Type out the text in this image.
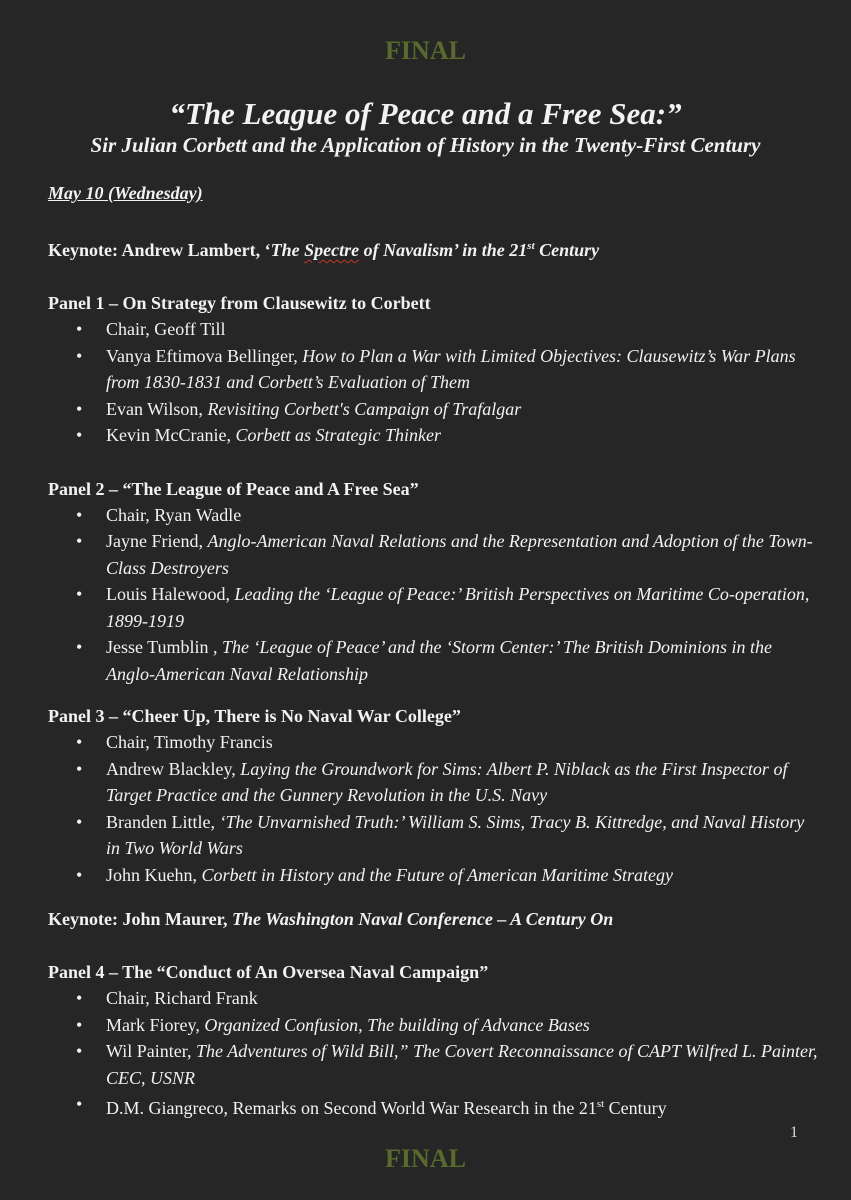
FINAL
“The League of Peace and a Free Sea:”
Sir Julian Corbett and the Application of History in the Twenty-First Century
May 10 (Wednesday)
Keynote: Andrew Lambert, ‘The Spectre of Navalism’ in the 21st Century
Panel 1 – On Strategy from Clausewitz to Corbett
• Chair, Geoff Till
• Vanya Eftimova Bellinger, How to Plan a War with Limited Objectives: Clausewitz’s War Plans from 1830-1831 and Corbett’s Evaluation of Them
• Evan Wilson, Revisiting Corbett's Campaign of Trafalgar
• Kevin McCranie, Corbett as Strategic Thinker
Panel 2 – “The League of Peace and A Free Sea”
• Chair, Ryan Wadle
• Jayne Friend, Anglo-American Naval Relations and the Representation and Adoption of the Town-Class Destroyers
• Louis Halewood, Leading the ‘League of Peace:’ British Perspectives on Maritime Co-operation, 1899-1919
• Jesse Tumblin , The ‘League of Peace’ and the ‘Storm Center:’ The British Dominions in the Anglo-American Naval Relationship
Panel 3 – “Cheer Up, There is No Naval War College”
• Chair, Timothy Francis
• Andrew Blackley, Laying the Groundwork for Sims: Albert P. Niblack as the First Inspector of Target Practice and the Gunnery Revolution in the U.S. Navy
• Branden Little, ‘The Unvarnished Truth:’ William S. Sims, Tracy B. Kittredge, and Naval History in Two World Wars
• John Kuehn, Corbett in History and the Future of American Maritime Strategy
Keynote: John Maurer, The Washington Naval Conference – A Century On
Panel 4 – The “Conduct of An Oversea Naval Campaign”
• Chair, Richard Frank
• Mark Fiorey, Organized Confusion, The building of Advance Bases
• Wil Painter, The Adventures of Wild Bill,” The Covert Reconnaissance of CAPT Wilfred L. Painter, CEC, USNR
• D.M. Giangreco, Remarks on Second World War Research in the 21st Century
1
FINAL
